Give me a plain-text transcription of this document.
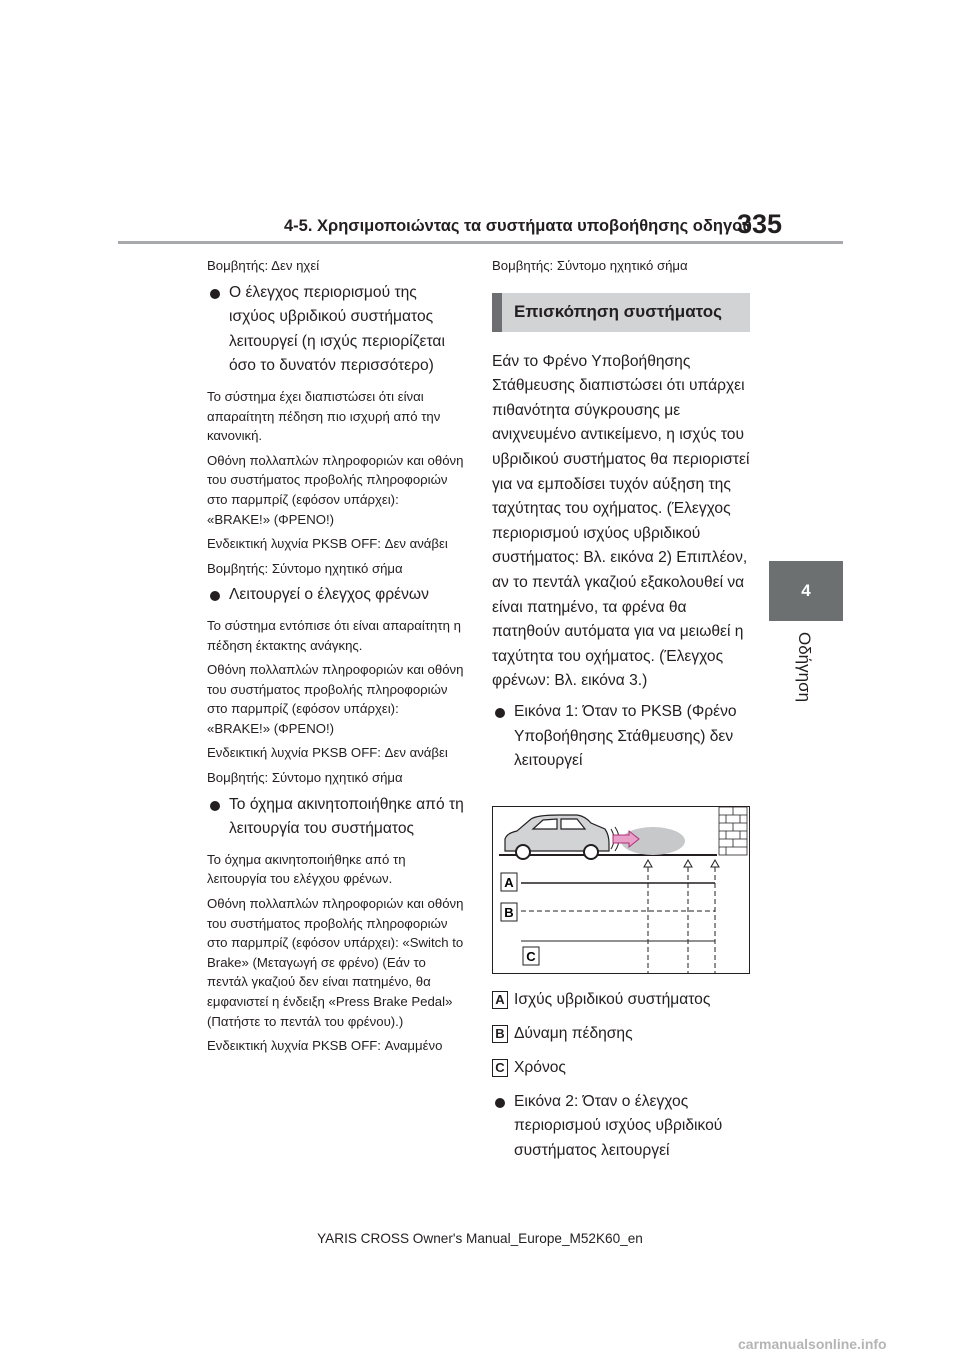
4-5. Χρησιμοποιώντας τα συστήματα υποβοήθησης οδηγού
335
4
Οδήγηση

Βομβητής: Δεν ηχεί

Ο έλεγχος περιορισμού της ισχύος υβριδικού συστήματος λειτουργεί (η ισχύς περιορίζεται όσο το δυνατόν περισσότερο)

Το σύστημα έχει διαπιστώσει ότι είναι απαραίτητη πέδηση πιο ισχυρή από την κανονική.

Οθόνη πολλαπλών πληροφοριών και οθόνη του συστήματος προβολής πληροφοριών στο παρμπρίζ (εφόσον υπάρχει): «BRAKE!» (ΦΡΕΝΟ!)

Ενδεικτική λυχνία PKSB OFF: Δεν ανάβει

Βομβητής: Σύντομο ηχητικό σήμα

Λειτουργεί ο έλεγχος φρένων

Το σύστημα εντόπισε ότι είναι απαραίτητη η πέδηση έκτακτης ανάγκης.

Οθόνη πολλαπλών πληροφοριών και οθόνη του συστήματος προβολής πληροφοριών στο παρμπρίζ (εφόσον υπάρχει): «BRAKE!» (ΦΡΕΝΟ!)

Ενδεικτική λυχνία PKSB OFF: Δεν ανάβει

Βομβητής: Σύντομο ηχητικό σήμα

Το όχημα ακινητοποιήθηκε από τη λειτουργία του συστήματος

Το όχημα ακινητοποιήθηκε από τη λειτουργία του ελέγχου φρένων.

Οθόνη πολλαπλών πληροφοριών και οθόνη του συστήματος προβολής πληροφοριών στο παρμπρίζ (εφόσον υπάρχει): «Switch to Brake» (Μεταγωγή σε φρένο) (Εάν το πεντάλ γκαζιού δεν είναι πατημένο, θα εμφανιστεί η ένδειξη «Press Brake Pedal» (Πατήστε το πεντάλ του φρένου).)

Ενδεικτική λυχνία PKSB OFF: Αναμμένο

Βομβητής: Σύντομο ηχητικό σήμα

Επισκόπηση συστήματος

Εάν το Φρένο Υποβοήθησης Στάθμευσης διαπιστώσει ότι υπάρχει πιθανότητα σύγκρουσης με ανιχνευμένο αντικείμενο, η ισχύς του υβριδικού συστήματος θα περιοριστεί για να εμποδίσει τυχόν αύξηση της ταχύτητας του οχήματος. (Έλεγχος περιορισμού ισχύος υβριδικού συστήματος: Βλ. εικόνα 2) Επιπλέον, αν το πεντάλ γκαζιού εξακολουθεί να είναι πατημένο, τα φρένα θα πατηθούν αυτόματα για να μειωθεί η ταχύτητα του οχήματος. (Έλεγχος φρένων: Βλ. εικόνα 3.)

Εικόνα 1: Όταν το PKSB (Φρένο Υποβοήθησης Στάθμευσης) δεν λειτουργεί
A
B
C
A Ισχύς υβριδικού συστήματος
B Δύναμη πέδησης
C Χρόνος
Εικόνα 2: Όταν ο έλεγχος περιορισμού ισχύος υβριδικού συστήματος λειτουργεί
YARIS CROSS Owner's Manual_Europe_M52K60_en
carmanualsonline.info
